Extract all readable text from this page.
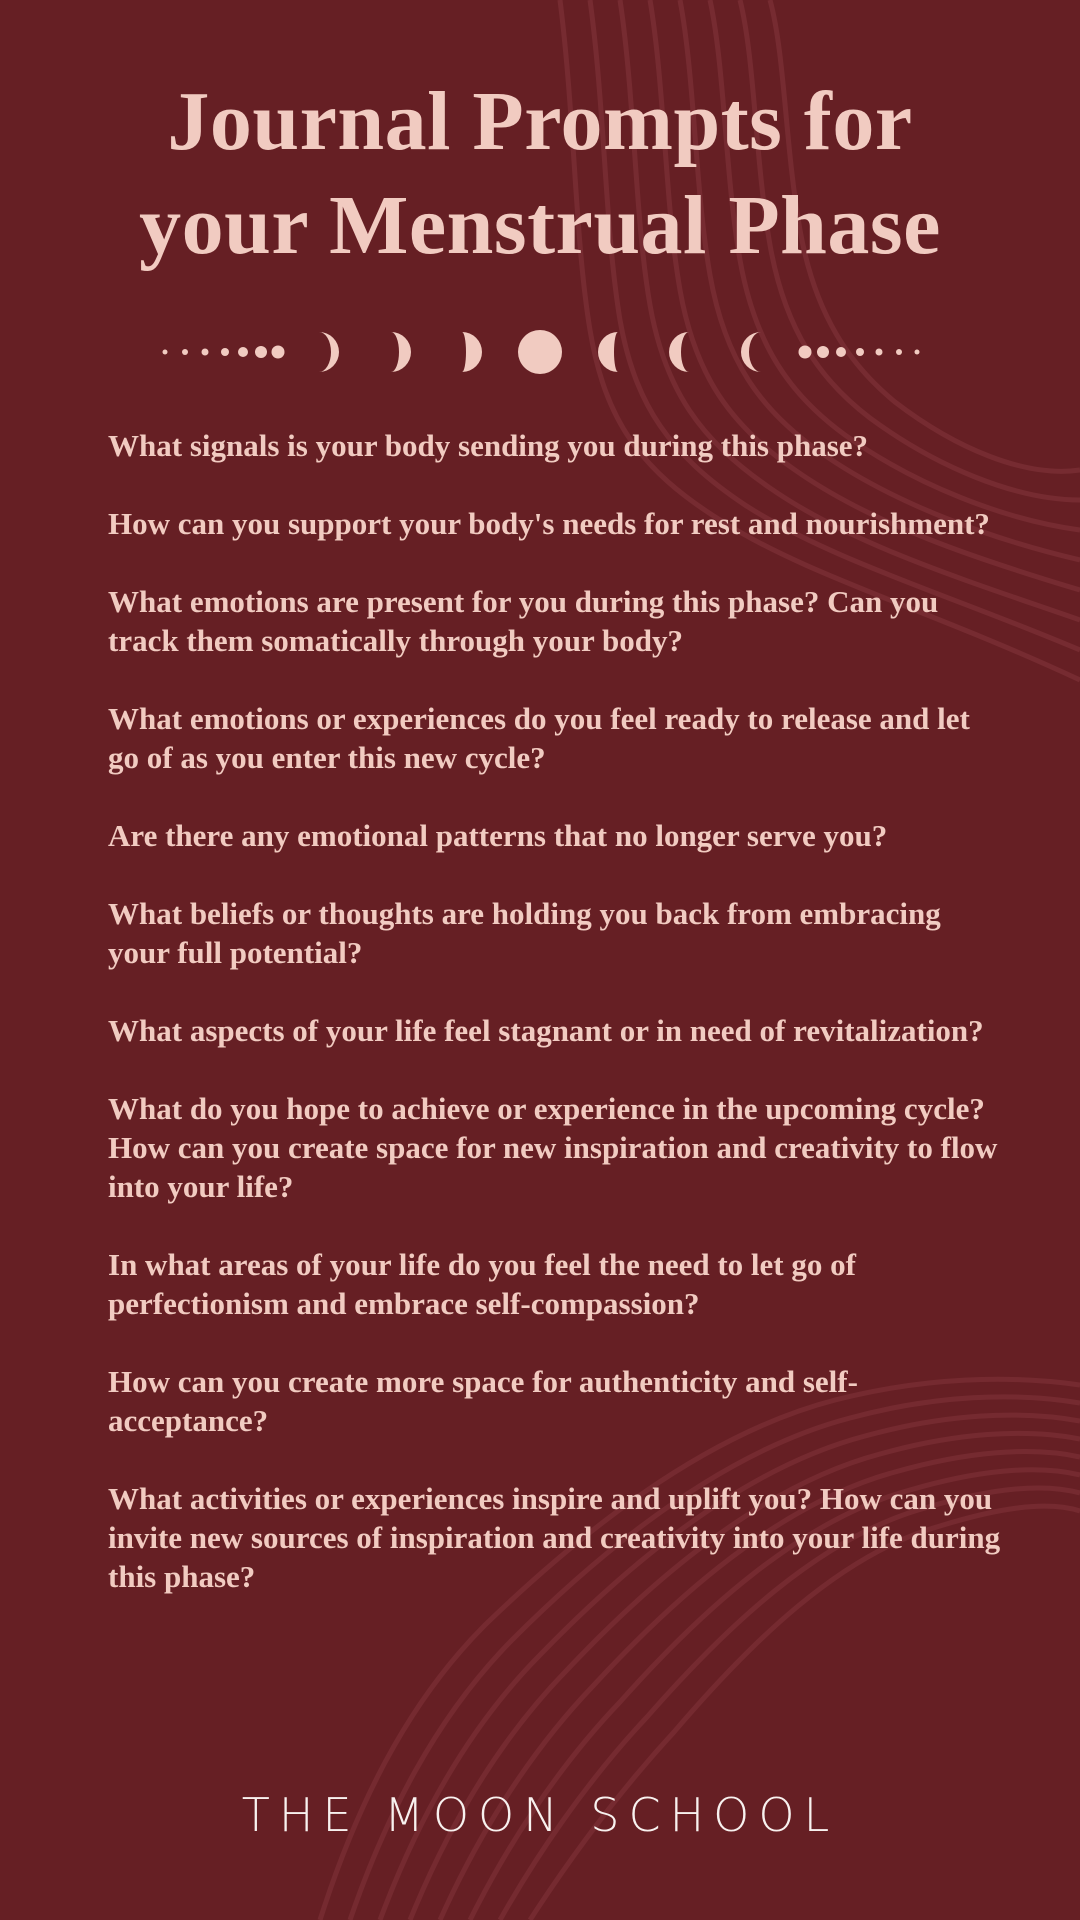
Journal Prompts for
your Menstrual Phase
What signals is your body sending you during this phase?
How can you support your body's needs for rest and nourishment?
What emotions are present for you during this phase? Can you track them somatically through your body?
What emotions or experiences do you feel ready to release and let go of as you enter this new cycle?
Are there any emotional patterns that no longer serve you?
What beliefs or thoughts are holding you back from embracing your full potential?
What aspects of your life feel stagnant or in need of revitalization?
What do you hope to achieve or experience in the upcoming cycle? How can you create space for new inspiration and creativity to flow into your life?
In what areas of your life do you feel the need to let go of perfectionism and embrace self-compassion?
How can you create more space for authenticity and self-acceptance?
What activities or experiences inspire and uplift you? How can you invite new sources of inspiration and creativity into your life during this phase?
THE MOON SCHOOL
